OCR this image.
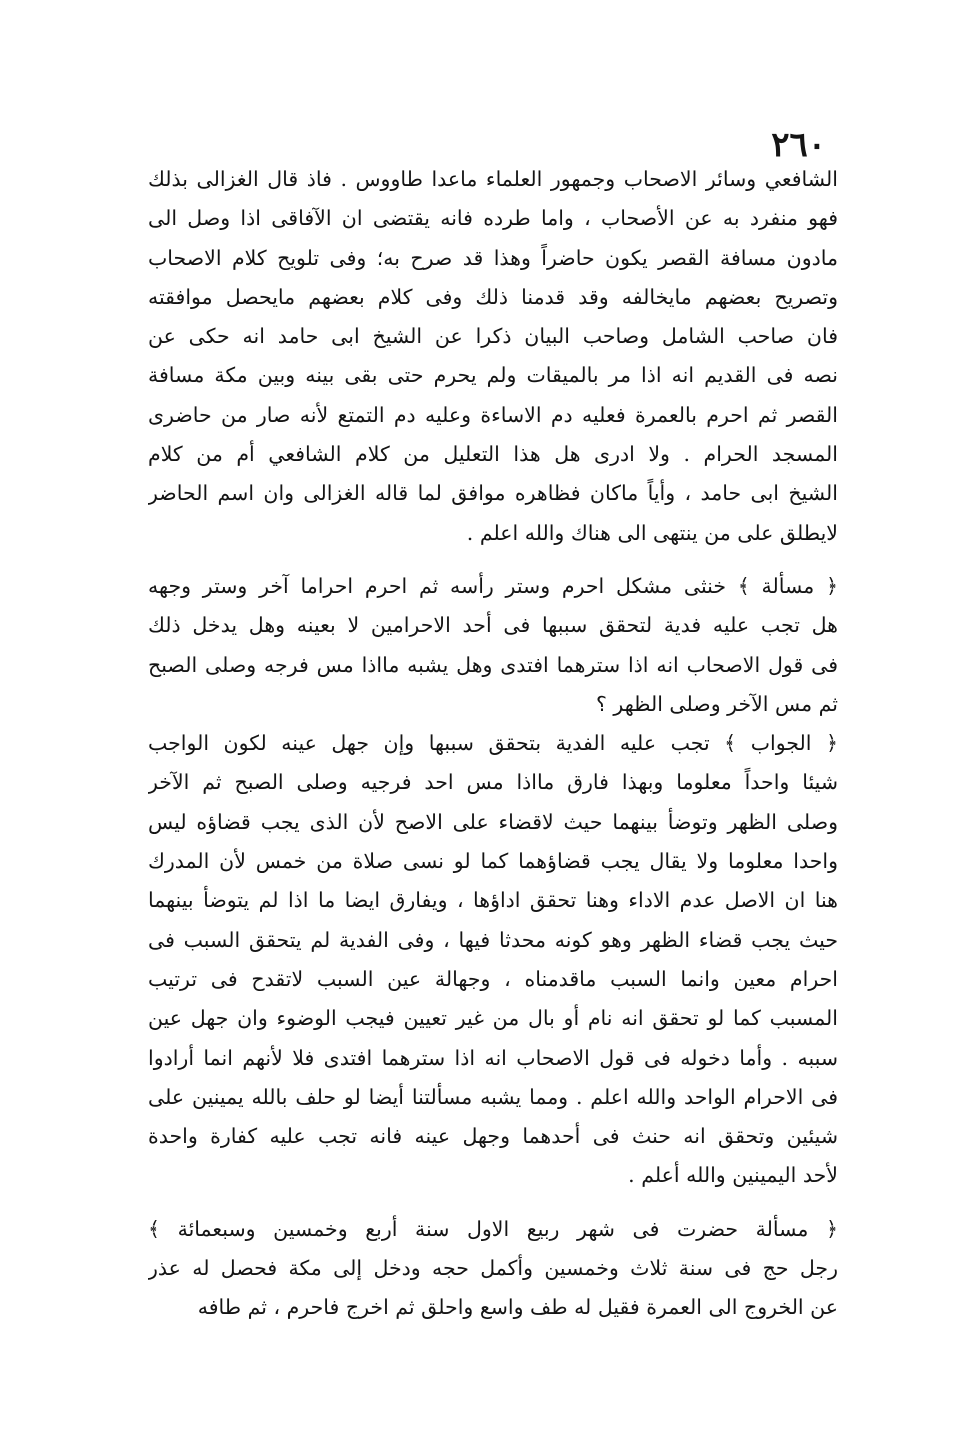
٢٦٠
الشافعي وسائر الاصحاب وجمهور العلماء ماعدا طاووس . فاذ قال الغزالى بذلك
فهو منفرد به عن الأصحاب ، واما طرده فانه يقتضى ان الآفاقى اذا وصل الى
مادون مسافة القصر يكون حاضراً وهذا قد صرح به؛ وفى تلويح كلام الاصحاب
وتصريح بعضهم مايخالفه وقد قدمنا ذلك وفى كلام بعضهم مايحصل موافقته
فان صاحب الشامل وصاحب البيان ذكرا عن الشيخ ابى حامد انه حكى عن
نصه فى القديم انه اذا مر بالميقات ولم يحرم حتى بقى بينه وبين مكة مسافة
القصر ثم احرم بالعمرة فعليه دم الاساءة وعليه دم التمتع لأنه صار من حاضرى
المسجد الحرام . ولا ادرى هل هذا التعليل من كلام الشافعي أم من كلام
الشيخ ابى حامد ، وأياً ماكان فظاهره موافق لما قاله الغزالى وان اسم الحاضر
لايطلق على من ينتهى الى هناك والله اعلم .
﴿ مسألة ﴾ خنثى مشكل احرم وستر رأسه ثم احرم احراما آخر وستر وجهه
هل تجب عليه فدية لتحقق سببها فى أحد الاحرامين لا بعينه وهل يدخل ذلك
فى قول الاصحاب انه اذا سترهما افتدى وهل يشبه مااذا مس فرجه وصلى الصبح
ثم مس الآخر وصلى الظهر ؟
﴿ الجواب ﴾ تجب عليه الفدية بتحقق سببها وإن جهل عينه لكون الواجب
شيئا واحداً معلوما وبهذا فارق مااذا مس احد فرجيه وصلى الصبح ثم الآخر
وصلى الظهر وتوضأ بينهما حيث لاقضاء على الاصح لأن الذى يجب قضاؤه ليس
واحدا معلوما ولا يقال يجب قضاؤهما كما لو نسى صلاة من خمس لأن المدرك
هنا ان الاصل عدم الاداء وهنا تحقق اداؤها ، ويفارق ايضا ما اذا لم يتوضأ بينهما
حيث يجب قضاء الظهر وهو كونه محدثا فيها ، وفى الفدية لم يتحقق السبب فى
احرام معين وانما السبب ماقدمناه ، وجهالة عين السبب لاتقدح فى ترتيب
المسبب كما لو تحقق انه نام أو بال من غير تعيين فيجب الوضوء وان جهل عين
سببه . وأما دخوله فى قول الاصحاب انه اذا سترهما افتدى فلا لأنهم انما أرادوا
فى الاحرام الواحد والله اعلم . ومما يشبه مسألتنا أيضا لو حلف بالله يمينين على
شيئين وتحقق انه حنث فى أحدهما وجهل عينه فانه تجب عليه كفارة واحدة
لأحد اليمينين والله أعلم .
﴿ مسألة حضرت فى شهر ربيع الاول سنة أربع وخمسين وسبعمائة ﴾
رجل حج فى سنة ثلاث وخمسين وأكمل حجه ودخل إلى مكة فحصل له عذر
عن الخروج الى العمرة فقيل له طف واسع واحلق ثم اخرج فاحرم ، ثم طافه
